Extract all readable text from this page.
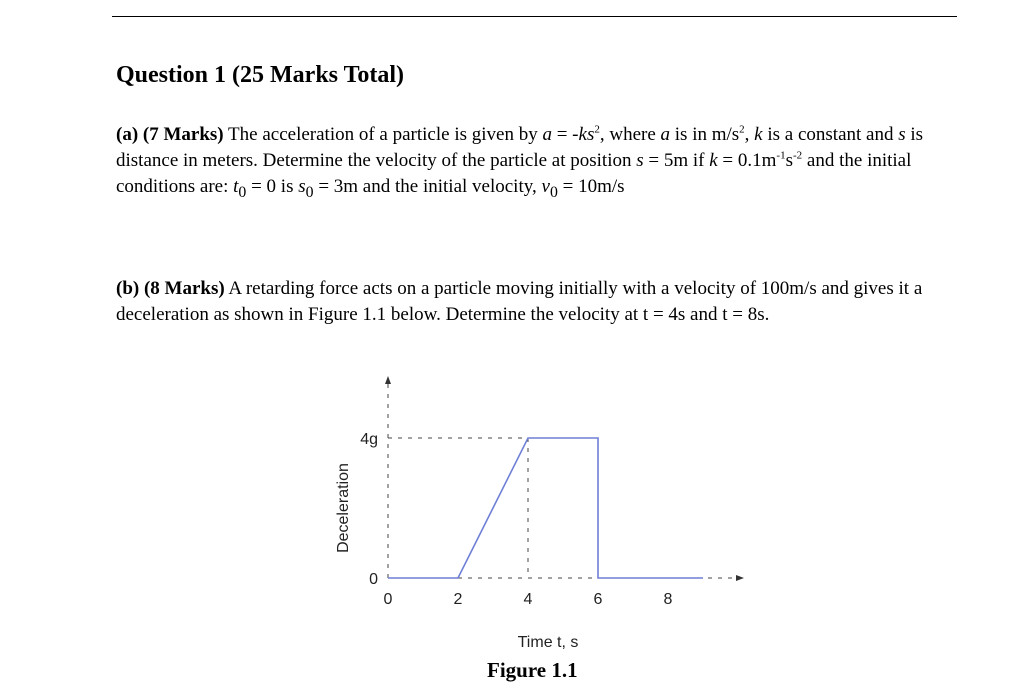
Question 1 (25 Marks Total)
(a) (7 Marks) The acceleration of a particle is given by $a = -ks^2$, where a is in $m/s^2$, k is a constant and s is distance in meters. Determine the velocity of the particle at position s = 5m if $k = 0.1m^{-1}s^{-2}$ and the initial conditions are: $t_0 = 0$ is $s_0 = 3m$ and the initial velocity, $v_0 = 10m/s$
(b) (8 Marks) A retarding force acts on a particle moving initially with a velocity of 100m/s and gives it a deceleration as shown in Figure 1.1 below. Determine the velocity at t = 4s and t = 8s.
0
4g
0	2	4	6	8
Time t, s
Deceleration
Figure 1.1
